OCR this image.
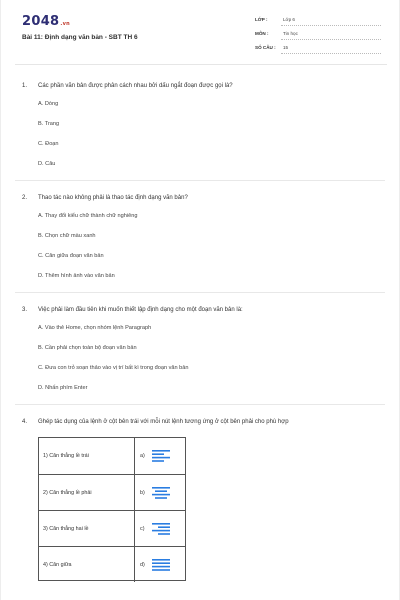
2048.vn
Bài 11: Định dạng văn bản - SBT TH 6
LỚP :	Lớp 6
MÔN :	Tin học
SỐ CÂU : 15
1. Các phần văn bản được phân cách nhau bởi dấu ngắt đoạn được gọi là?
A. Dòng
B. Trang
C. Đoạn
D. Câu
2. Thao tác nào không phải là thao tác định dạng văn bản?
A. Thay đổi kiểu chữ thành chữ nghiêng
B. Chọn chữ màu xanh
C. Căn giữa đoạn văn bản
D. Thêm hình ảnh vào văn bản
3. Việc phải làm đầu tiên khi muốn thiết lập định dạng cho một đoạn văn bản là:
A. Vào thẻ Home, chọn nhóm lệnh Paragraph
B. Cần phải chọn toàn bộ đoạn văn bản
C. Đưa con trỏ soạn thảo vào vị trí bất kì trong đoạn văn bản
D. Nhấn phím Enter
4. Ghép tác dụng của lệnh ở cột bên trái với mỗi nút lệnh tương ứng ở cột bên phải cho phù hợp
1) Căn thẳng lề trái	a)
2) Căn thẳng lề phải	b)
3) Căn thẳng hai lề	c)
4) Căn giữa	d)
